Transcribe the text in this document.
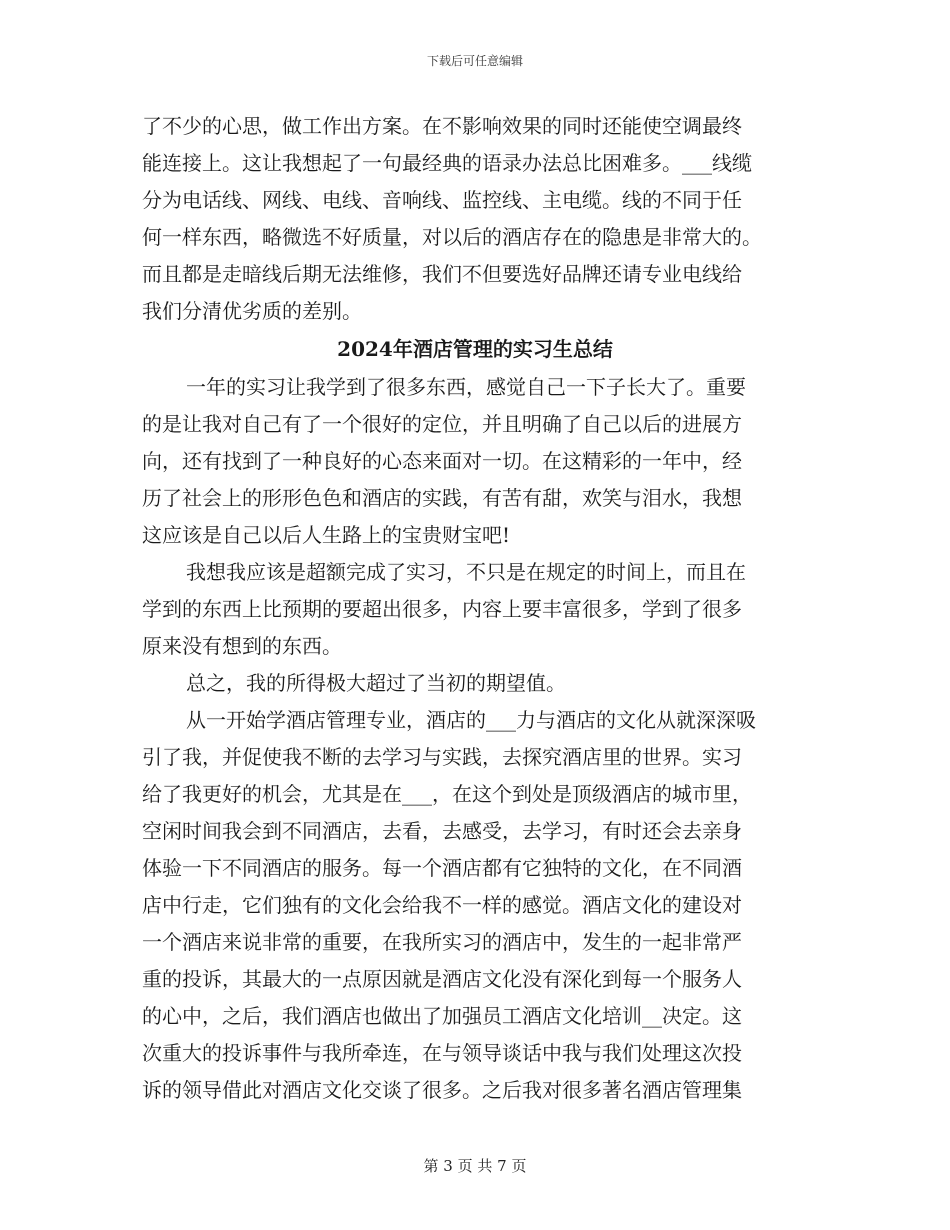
下载后可任意编辑
了不少的心思，做工作出方案。在不影响效果的同时还能使空调最终
能连接上。这让我想起了一句最经典的语录办法总比困难多。___线缆
分为电话线、网线、电线、音响线、监控线、主电缆。线的不同于任
何一样东西，略微选不好质量，对以后的酒店存在的隐患是非常大的。
而且都是走暗线后期无法维修，我们不但要选好品牌还请专业电线给
我们分清优劣质的差别。
2024年酒店管理的实习生总结
一年的实习让我学到了很多东西，感觉自己一下子长大了。重要
的是让我对自己有了一个很好的定位，并且明确了自己以后的进展方
向，还有找到了一种良好的心态来面对一切。在这精彩的一年中，经
历了社会上的形形色色和酒店的实践，有苦有甜，欢笑与泪水，我想
这应该是自己以后人生路上的宝贵财宝吧!
我想我应该是超额完成了实习，不只是在规定的时间上，而且在
学到的东西上比预期的要超出很多，内容上要丰富很多，学到了很多
原来没有想到的东西。
总之，我的所得极大超过了当初的期望值。
从一开始学酒店管理专业，酒店的___力与酒店的文化从就深深吸
引了我，并促使我不断的去学习与实践，去探究酒店里的世界。实习
给了我更好的机会，尤其是在___，在这个到处是顶级酒店的城市里，
空闲时间我会到不同酒店，去看，去感受，去学习，有时还会去亲身
体验一下不同酒店的服务。每一个酒店都有它独特的文化，在不同酒
店中行走，它们独有的文化会给我不一样的感觉。酒店文化的建设对
一个酒店来说非常的重要，在我所实习的酒店中，发生的一起非常严
重的投诉，其最大的一点原因就是酒店文化没有深化到每一个服务人
的心中，之后，我们酒店也做出了加强员工酒店文化培训__决定。这
次重大的投诉事件与我所牵连，在与领导谈话中我与我们处理这次投
诉的领导借此对酒店文化交谈了很多。之后我对很多著名酒店管理集
第 3 页 共 7 页
